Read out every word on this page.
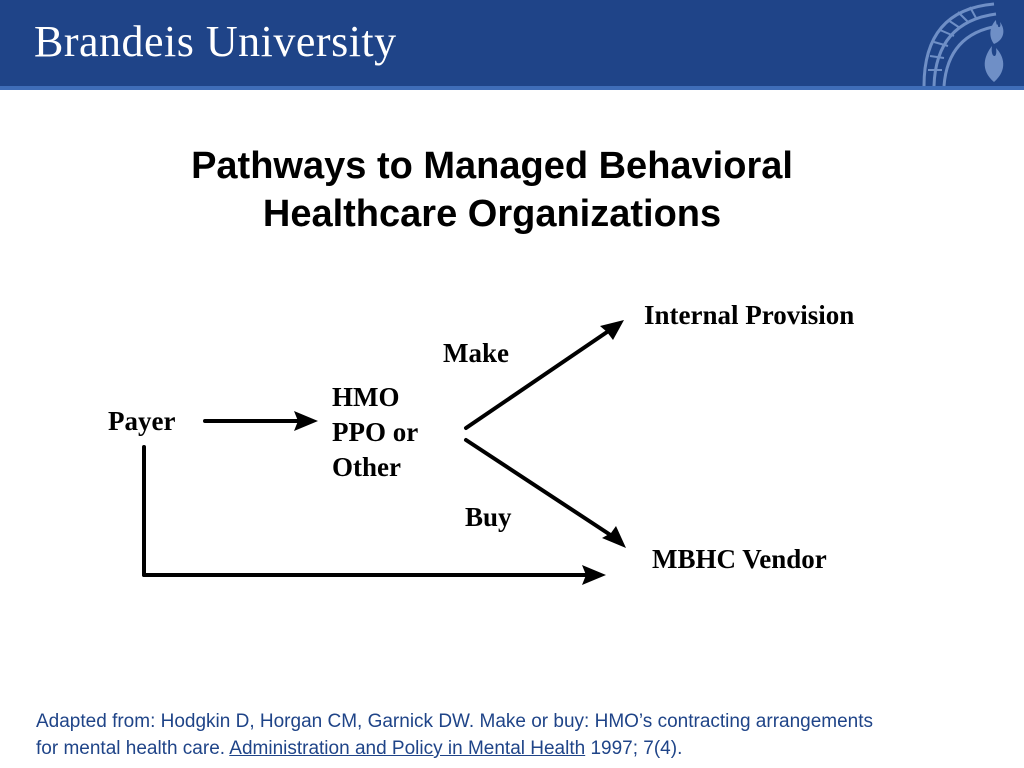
Brandeis University
Pathways to Managed Behavioral
Healthcare Organizations
Payer
HMO
PPO or
Other
Internal Provision
MBHC Vendor
Make
Buy
Adapted from: Hodgkin D, Horgan CM, Garnick DW. Make or buy: HMO’s contracting arrangements
for mental health care. Administration and Policy in Mental Health 1997; 7(4).
